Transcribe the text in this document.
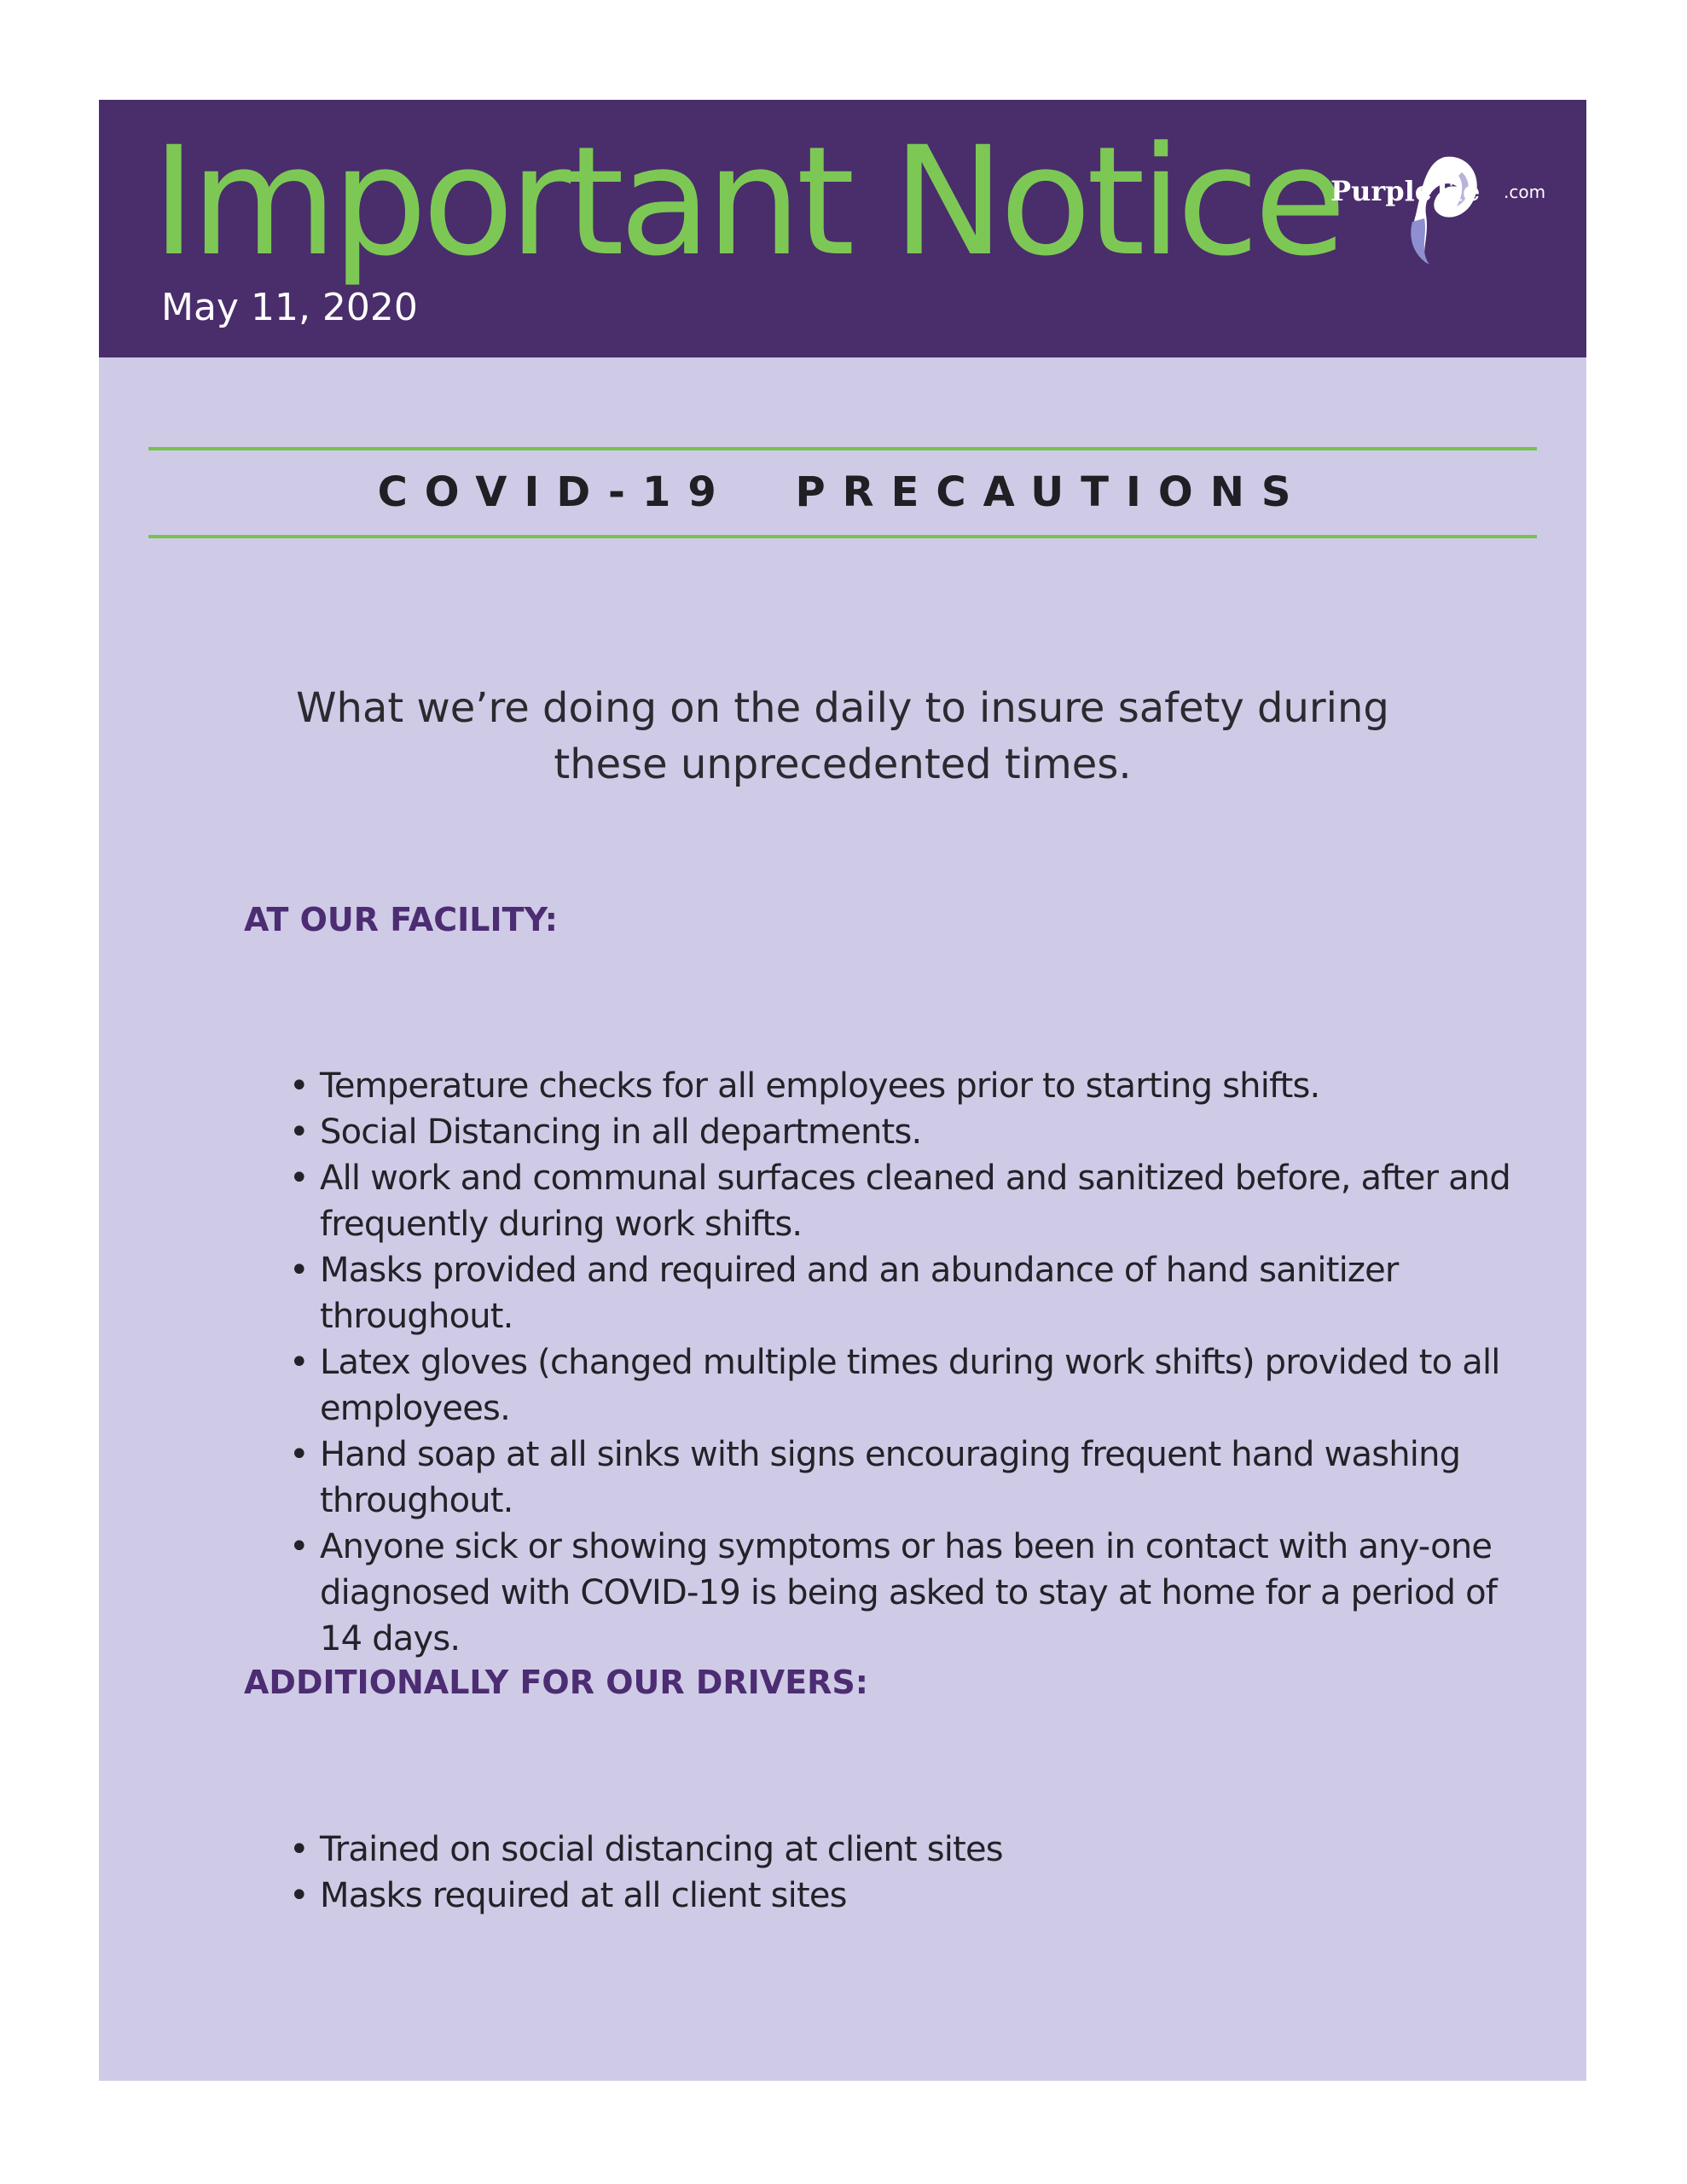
Important Notice
May 11, 2020
PurpleTie .com
COVID-19 PRECAUTIONS
What we’re doing on the daily to insure safety during these unprecedented times.
AT OUR FACILITY:
• Temperature checks for all employees prior to starting shifts.
• Social Distancing in all departments.
• All work and communal surfaces cleaned and sanitized before, after and frequently during work shifts.
• Masks provided and required and an abundance of hand sanitizer throughout.
• Latex gloves (changed multiple times during work shifts) provided to all employees.
• Hand soap at all sinks with signs encouraging frequent hand washing throughout.
• Anyone sick or showing symptoms or has been in contact with any-one diagnosed with COVID-19 is being asked to stay at home for a period of 14 days.
ADDITIONALLY FOR OUR DRIVERS:
• Trained on social distancing at client sites
• Masks required at all client sites
